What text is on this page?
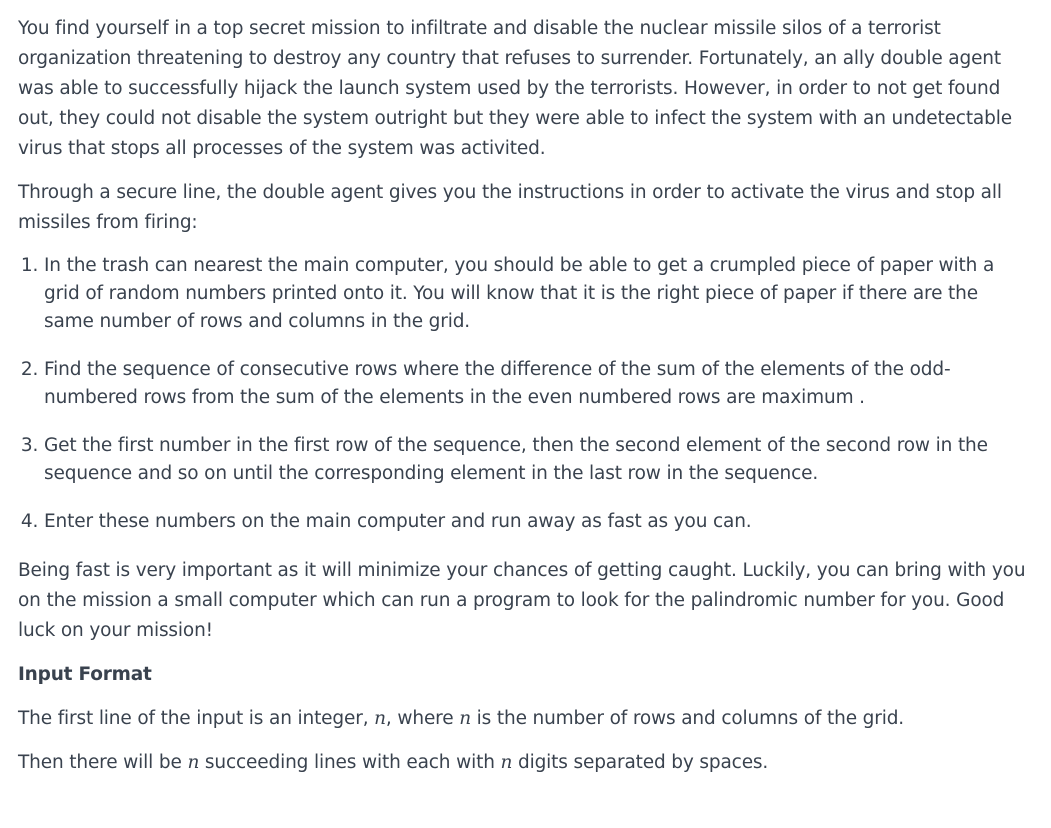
You find yourself in a top secret mission to infiltrate and disable the nuclear missile silos of a terrorist organization threatening to destroy any country that refuses to surrender. Fortunately, an ally double agent was able to successfully hijack the launch system used by the terrorists. However, in order to not get found out, they could not disable the system outright but they were able to infect the system with an undetectable virus that stops all processes of the system was activited.

Through a secure line, the double agent gives you the instructions in order to activate the virus and stop all missiles from firing:

1. In the trash can nearest the main computer, you should be able to get a crumpled piece of paper with a grid of random numbers printed onto it. You will know that it is the right piece of paper if there are the same number of rows and columns in the grid.
2. Find the sequence of consecutive rows where the difference of the sum of the elements of the odd-numbered rows from the sum of the elements in the even numbered rows are maximum .
3. Get the first number in the first row of the sequence, then the second element of the second row in the sequence and so on until the corresponding element in the last row in the sequence.
4. Enter these numbers on the main computer and run away as fast as you can.

Being fast is very important as it will minimize your chances of getting caught. Luckily, you can bring with you on the mission a small computer which can run a program to look for the palindromic number for you. Good luck on your mission!

Input Format

The first line of the input is an integer, n, where n is the number of rows and columns of the grid.

Then there will be n succeeding lines with each with n digits separated by spaces.
